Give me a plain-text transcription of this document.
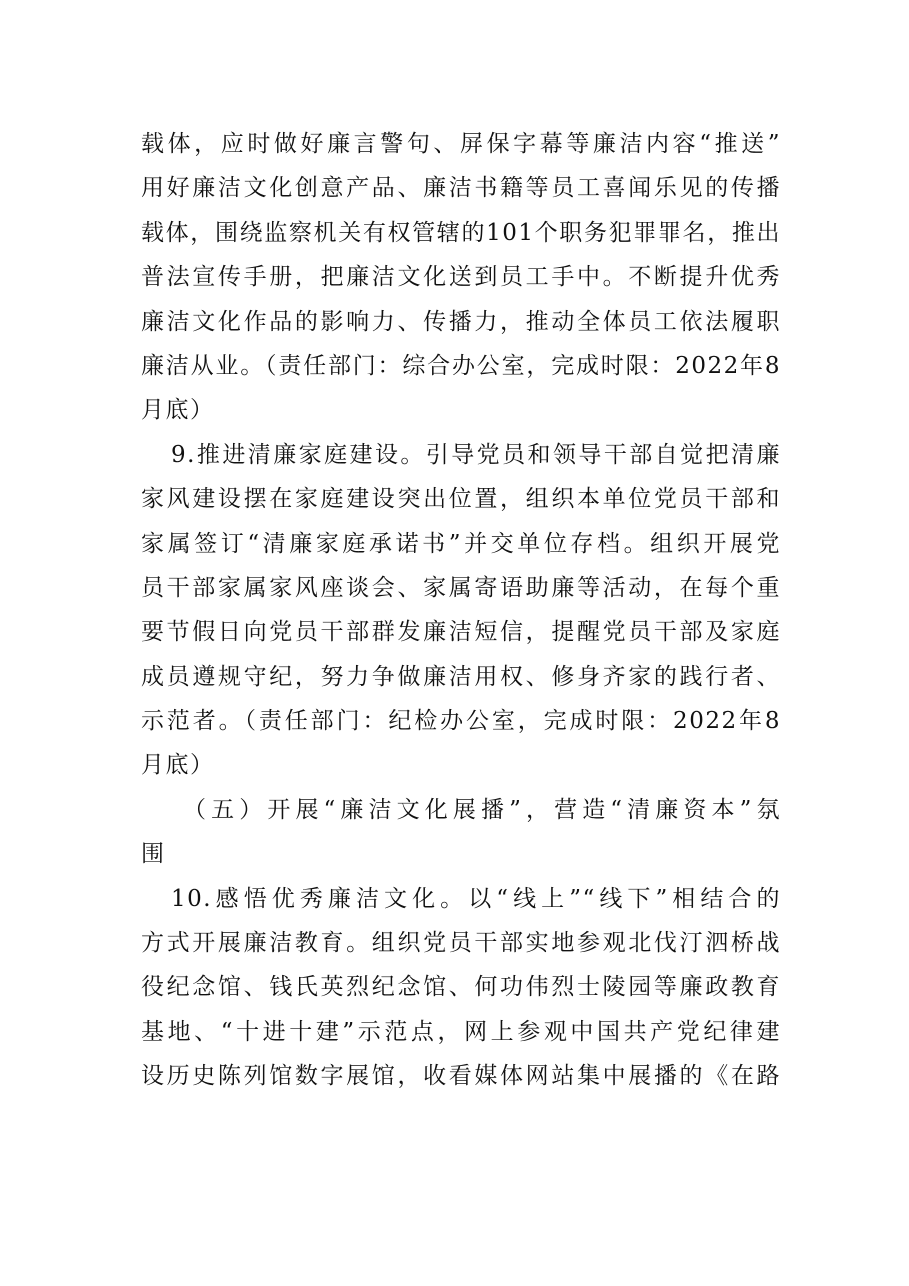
载体，应时做好廉言警句、屏保字幕等廉洁内容“推送”
用好廉洁文化创意产品、廉洁书籍等员工喜闻乐见的传播
载体，围绕监察机关有权管辖的101个职务犯罪罪名，推出
普法宣传手册，把廉洁文化送到员工手中。不断提升优秀
廉洁文化作品的影响力、传播力，推动全体员工依法履职
廉洁从业。（责任部门：综合办公室，完成时限：2022年8
月底）
9.推进清廉家庭建设。引导党员和领导干部自觉把清廉
家风建设摆在家庭建设突出位置，组织本单位党员干部和
家属签订“清廉家庭承诺书”并交单位存档。组织开展党
员干部家属家风座谈会、家属寄语助廉等活动，在每个重
要节假日向党员干部群发廉洁短信，提醒党员干部及家庭
成员遵规守纪，努力争做廉洁用权、修身齐家的践行者、
示范者。（责任部门：纪检办公室，完成时限：2022年8
月底）
（五）开展“廉洁文化展播”，营造“清廉资本”氛
围
10.感悟优秀廉洁文化。以“线上”“线下”相结合的
方式开展廉洁教育。组织党员干部实地参观北伐汀泗桥战
役纪念馆、钱氏英烈纪念馆、何功伟烈士陵园等廉政教育
基地、“十进十建”示范点，网上参观中国共产党纪律建
设历史陈列馆数字展馆，收看媒体网站集中展播的《在路
